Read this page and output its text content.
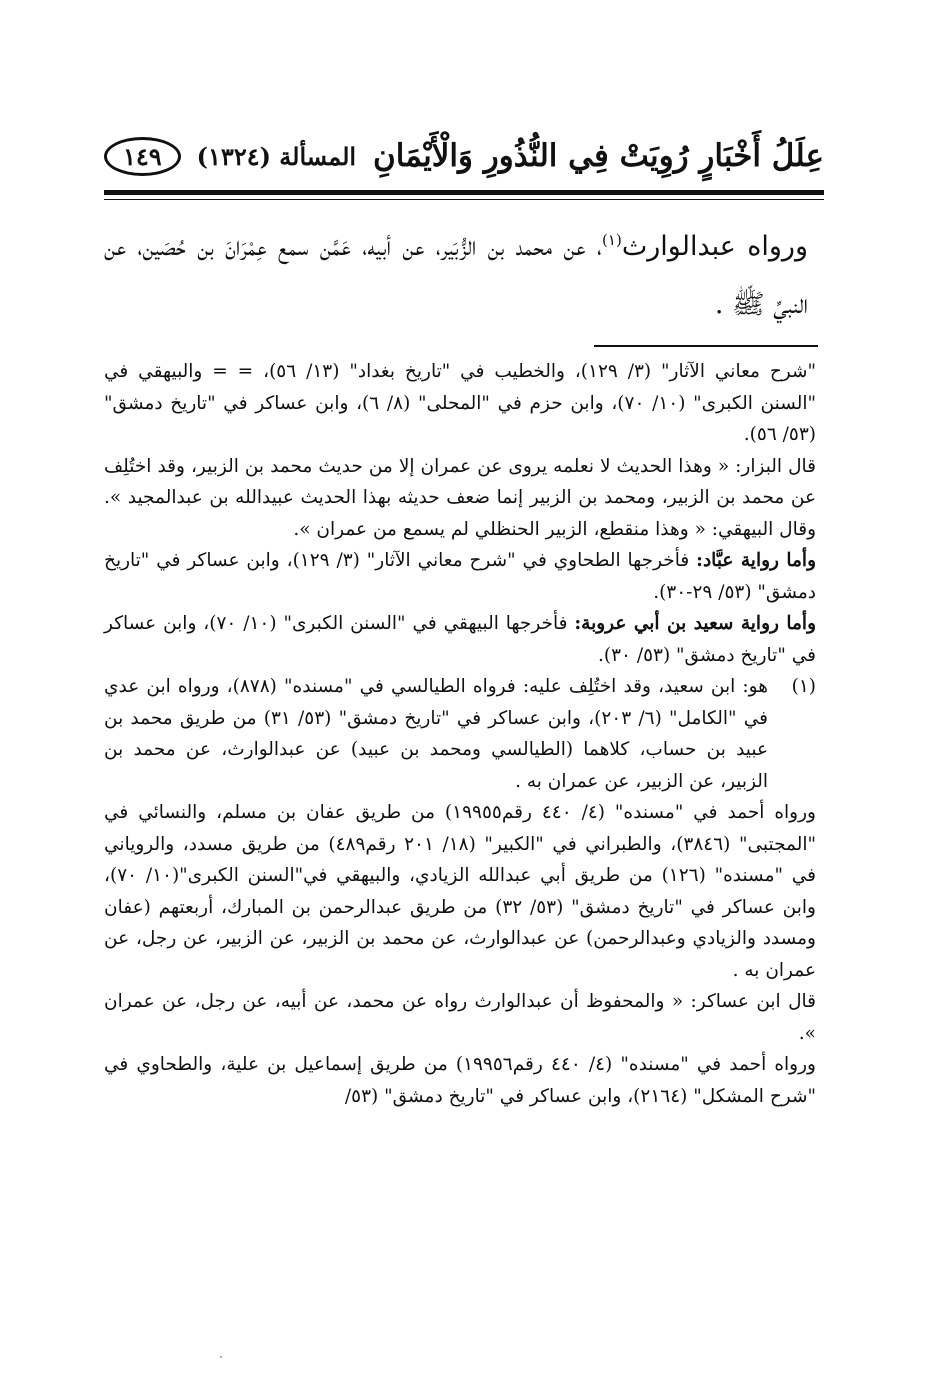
عِلَلُ أَخْبَارٍ رُوِيَتْ فِي النُّذُورِ وَالْأَيْمَانِ
المسألة (١٣٢٤)
١٤٩
ورواه عبدالوارث$^{(١)}$، عن محمد بن الزُّبَير، عن أبيه، عَمَّن سمع عِمْرَانَ بن حُصَين، عن النبيِّ ﷺ .

"شرح معاني الآثار" (٣/ ١٢٩)، والخطيب في "تاريخ بغداد" (١٣/ ٥٦)، = = والبيهقي في "السنن الكبرى" (١٠/ ٧٠)، وابن حزم في "المحلى" (٨/ ٦)، وابن عساكر في "تاريخ دمشق" (٥٣/ ٥٦).

قال البزار: « وهذا الحديث لا نعلمه يروى عن عمران إلا من حديث محمد بن الزبير، وقد اختُلِف عن محمد بن الزبير، ومحمد بن الزبير إنما ضعف حديثه بهذا الحديث عبيدالله بن عبدالمجيد ». وقال البيهقي: « وهذا منقطع، الزبير الحنظلي لم يسمع من عمران ».

وأما رواية عبَّاد: فأخرجها الطحاوي في "شرح معاني الآثار" (٣/ ١٢٩)، وابن عساكر في "تاريخ دمشق" (٥٣/ ٢٩-٣٠).

وأما رواية سعيد بن أبي عروبة: فأخرجها البيهقي في "السنن الكبرى" (١٠/ ٧٠)، وابن عساكر في "تاريخ دمشق" (٥٣/ ٣٠).

(١)

هو: ابن سعيد، وقد اختُلِف عليه: فرواه الطيالسي في "مسنده" (٨٧٨)، ورواه ابن عدي في "الكامل" (٦/ ٢٠٣)، وابن عساكر في "تاريخ دمشق" (٥٣/ ٣١) من طريق محمد بن عبيد بن حساب، كلاهما (الطيالسي ومحمد بن عبيد) عن عبدالوارث، عن محمد بن الزبير، عن الزبير، عن عمران به .

ورواه أحمد في "مسنده" (٤/ ٤٤٠ رقم١٩٩٥٥) من طريق عفان بن مسلم، والنسائي في "المجتبى" (٣٨٤٦)، والطبراني في "الكبير" (١٨/ ٢٠١ رقم٤٨٩) من طريق مسدد، والروياني في "مسنده" (١٢٦) من طريق أبي عبدالله الزيادي، والبيهقي في"السنن الكبرى"(١٠/ ٧٠)، وابن عساكر في "تاريخ دمشق" (٥٣/ ٣٢) من طريق عبدالرحمن بن المبارك، أربعتهم (عفان ومسدد والزيادي وعبدالرحمن) عن عبدالوارث، عن محمد بن الزبير، عن الزبير، عن رجل، عن عمران به .

قال ابن عساكر: « والمحفوظ أن عبدالوارث رواه عن محمد، عن أبيه، عن رجل، عن عمران ».

ورواه أحمد في "مسنده" (٤/ ٤٤٠ رقم١٩٩٥٦) من طريق إسماعيل بن علية، والطحاوي في "شرح المشكل" (٢١٦٤)، وابن عساكر في "تاريخ دمشق" (٥٣/
